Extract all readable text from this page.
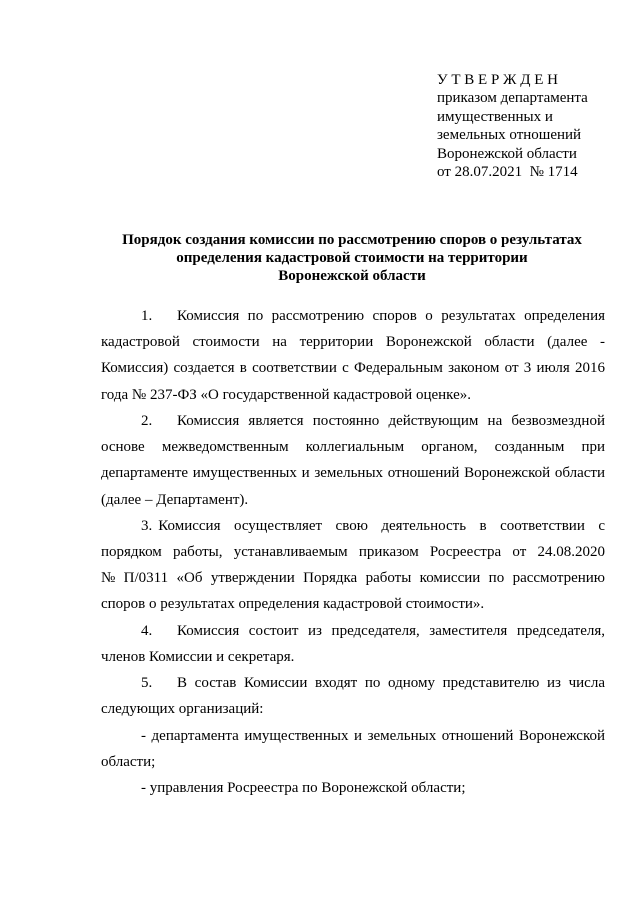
У Т В Е Р Ж Д Е Н
приказом департамента
имущественных и
земельных отношений
Воронежской области
от 28.07.2021  № 1714
Порядок создания комиссии по рассмотрению споров о результатах
определения кадастровой стоимости на территории
Воронежской области
1.	Комиссия по рассмотрению споров о результатах определения
кадастровой стоимости на территории Воронежской области (далее -
Комиссия) создается в соответствии с Федеральным законом от 3 июля 2016
года № 237-ФЗ «О государственной кадастровой оценке».
2.	Комиссия является постоянно действующим на безвозмездной
основе межведомственным коллегиальным органом, созданным при
департаменте имущественных и земельных отношений Воронежской области
(далее – Департамент).
3. Комиссия осуществляет свою деятельность в соответствии с
порядком работы, устанавливаемым приказом Росреестра от 24.08.2020
№ П/0311 «Об утверждении Порядка работы комиссии по рассмотрению
споров о результатах определения кадастровой стоимости».
4.	Комиссия состоит из председателя, заместителя председателя,
членов Комиссии и секретаря.
5.	В состав Комиссии входят по одному представителю из числа
следующих организаций:
- департамента имущественных и земельных отношений Воронежской
области;
- управления Росреестра по Воронежской области;
